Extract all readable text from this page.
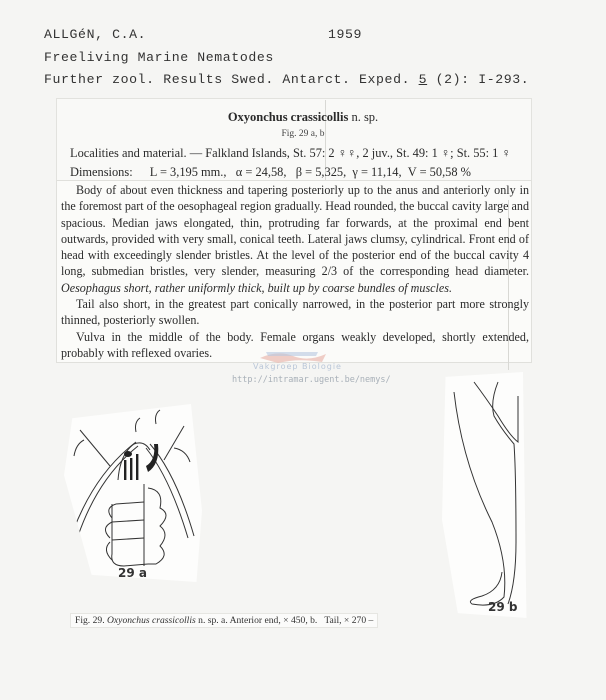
ALLGéN, C.A.	1959
Freeliving Marine Nematodes
Further zool. Results Swed. Antarct. Exped. 5 (2): I-293.
Oxyonchus crassicollis n. sp.
Fig. 29 a, b
Localities and material. — Falkland Islands, St. 57: 2 ♀♀, 2 juv., St. 49: 1 ♀; St. 55: 1 ♀
Dimensions: L = 3,195 mm.,   α = 24,58,   β = 5,325,  γ = 11,14,  V = 50,58 %

Body of about even thickness and tapering posteriorly up to the anus and anteriorly only in the foremost part of the oesophageal region gradually. Head rounded, the buccal cavity large and spacious. Median jaws elongated, thin, protruding far forwards, at the proximal end bent outwards, provided with very small, conical teeth. Lateral jaws clumsy, cylindrical. Front end of head with exceedingly slender bristles. At the level of the posterior end of the buccal cavity 4 long, submedian bristles, very slender, measuring 2/3 of the corresponding head diameter. Oesophagus short, rather uniformly thick, built up by coarse bundles of muscles.

Tail also short, in the greatest part conically narrowed, in the posterior part more strongly thinned, posteriorly swollen.

Vulva in the middle of the body. Female organs weakly developed, shortly extended, probably with reflexed ovaries.

Vakgroep Biologie
http://intramar.ugent.be/nemys/
29 a
29 b
Fig. 29. Oxyonchus crassicollis n. sp. a. Anterior end, × 450, b.   Tail, × 270 –
